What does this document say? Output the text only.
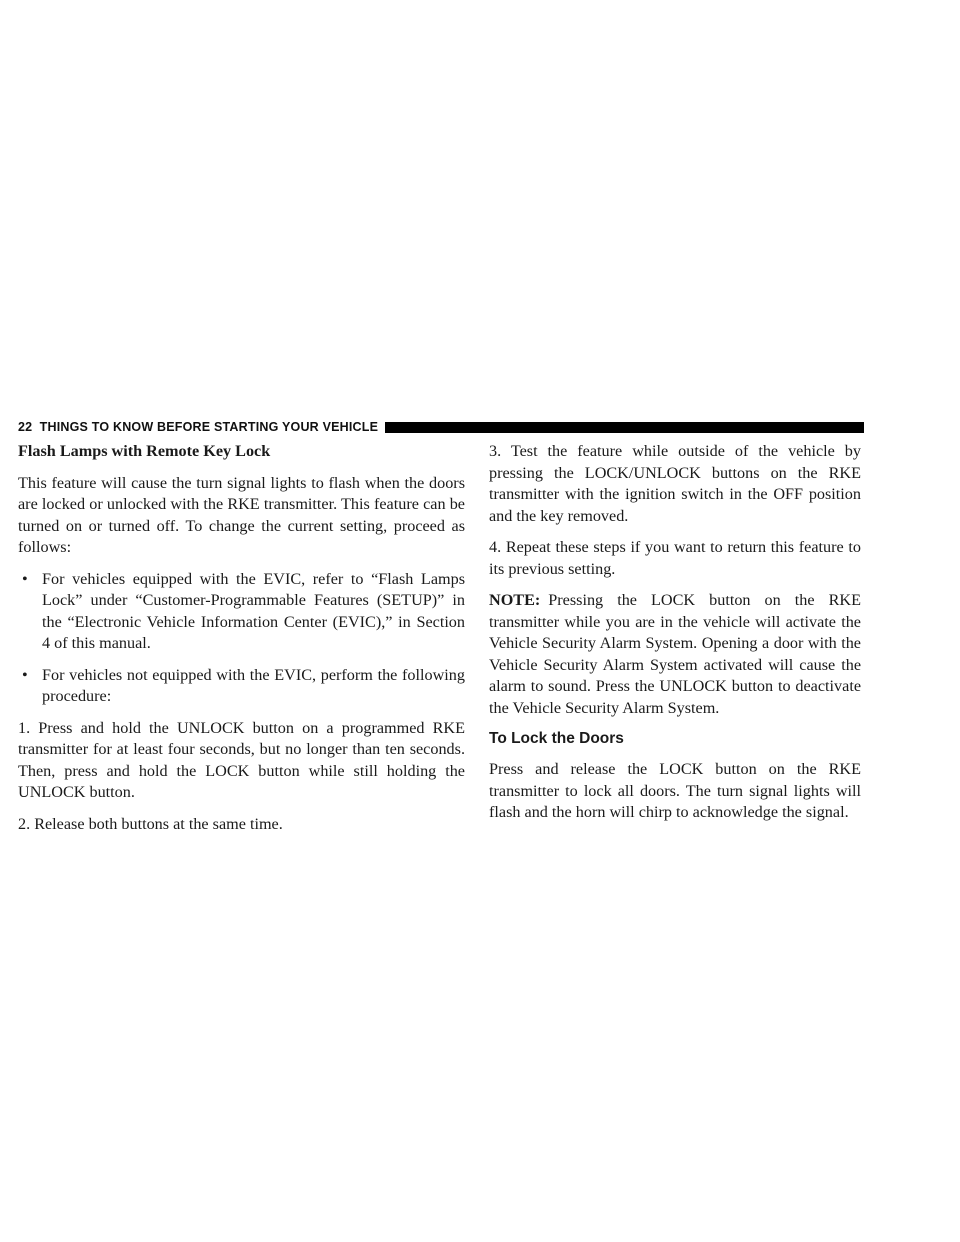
22
THINGS TO KNOW BEFORE STARTING YOUR VEHICLE

Flash Lamps with Remote Key Lock

This feature will cause the turn signal lights to flash when the doors are locked or unlocked with the RKE transmitter. This feature can be turned on or turned off. To change the current setting, proceed as follows:

• For vehicles equipped with the EVIC, refer to “Flash Lamps Lock” under “Customer-Programmable Features (SETUP)” in the “Electronic Vehicle Information Center (EVIC),” in Section 4 of this manual.
• For vehicles not equipped with the EVIC, perform the following procedure:

1. Press and hold the UNLOCK button on a programmed RKE transmitter for at least four seconds, but no longer than ten seconds. Then, press and hold the LOCK button while still holding the UNLOCK button.

2. Release both buttons at the same time.

3. Test the feature while outside of the vehicle by pressing the LOCK/UNLOCK buttons on the RKE transmitter with the ignition switch in the OFF position and the key removed.

4. Repeat these steps if you want to return this feature to its previous setting.

NOTE: Pressing the LOCK button on the RKE transmitter while you are in the vehicle will activate the Vehicle Security Alarm System. Opening a door with the Vehicle Security Alarm System activated will cause the alarm to sound. Press the UNLOCK button to deactivate the Vehicle Security Alarm System.

To Lock the Doors

Press and release the LOCK button on the RKE transmitter to lock all doors. The turn signal lights will flash and the horn will chirp to acknowledge the signal.
